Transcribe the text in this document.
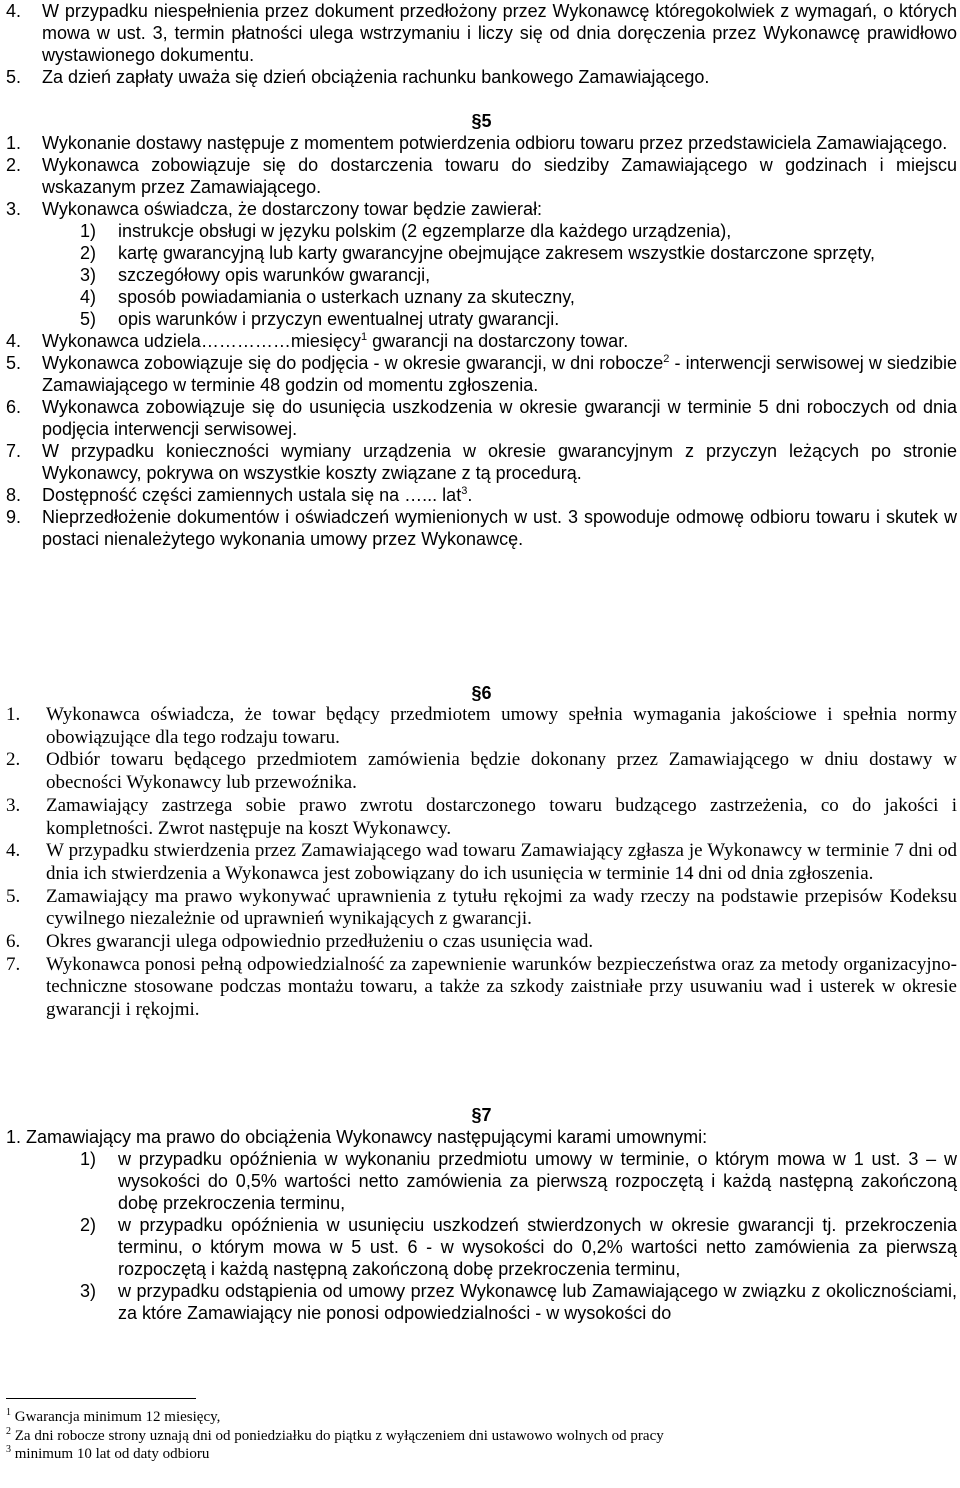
4. W przypadku niespełnienia przez dokument przedłożony przez Wykonawcę któregokolwiek z wymagań, o których mowa w ust. 3, termin płatności ulega wstrzymaniu i liczy się od dnia doręczenia przez Wykonawcę prawidłowo wystawionego dokumentu.
5. Za dzień zapłaty uważa się dzień obciążenia rachunku bankowego Zamawiającego.
§5
1. Wykonanie dostawy następuje z momentem potwierdzenia odbioru towaru przez przedstawiciela Zamawiającego.
2. Wykonawca zobowiązuje się do dostarczenia towaru do siedziby Zamawiającego w godzinach i miejscu wskazanym przez Zamawiającego.
3. Wykonawca oświadcza, że dostarczony towar będzie zawierał:
1) instrukcje obsługi w języku polskim (2 egzemplarze dla każdego urządzenia),
2) kartę gwarancyjną lub karty gwarancyjne obejmujące zakresem wszystkie dostarczone sprzęty,
3) szczegółowy opis warunków gwarancji,
4) sposób powiadamiania o usterkach uznany za skuteczny,
5) opis warunków i przyczyn ewentualnej utraty gwarancji.
4. Wykonawca udziela……………miesięcy$^1$ gwarancji na dostarczony towar.
5. Wykonawca zobowiązuje się do podjęcia - w okresie gwarancji, w dni robocze$^2$ - interwencji serwisowej w siedzibie Zamawiającego w terminie 48 godzin od momentu zgłoszenia.
6. Wykonawca zobowiązuje się do usunięcia uszkodzenia w okresie gwarancji w terminie 5 dni roboczych od dnia podjęcia interwencji serwisowej.
7. W przypadku konieczności wymiany urządzenia w okresie gwarancyjnym z przyczyn leżących po stronie Wykonawcy, pokrywa on wszystkie koszty związane z tą procedurą.
8. Dostępność części zamiennych ustala się na …... lat$^3$.
9. Nieprzedłożenie dokumentów i oświadczeń wymienionych w ust. 3 spowoduje odmowę odbioru towaru i skutek w postaci nienależytego wykonania umowy przez Wykonawcę.
§6
1. Wykonawca oświadcza, że towar będący przedmiotem umowy spełnia wymagania jakościowe i spełnia normy obowiązujące dla tego rodzaju towaru.
2. Odbiór towaru będącego przedmiotem zamówienia będzie dokonany przez Zamawiającego w dniu dostawy w obecności Wykonawcy lub przewoźnika.
3. Zamawiający zastrzega sobie prawo zwrotu dostarczonego towaru budzącego zastrzeżenia, co do jakości i kompletności. Zwrot następuje na koszt Wykonawcy.
4. W przypadku stwierdzenia przez Zamawiającego wad towaru Zamawiający zgłasza je Wykonawcy w terminie 7 dni od dnia ich stwierdzenia a Wykonawca jest zobowiązany do ich usunięcia w terminie 14 dni od dnia zgłoszenia.
5. Zamawiający ma prawo wykonywać uprawnienia z tytułu rękojmi za wady rzeczy na podstawie przepisów Kodeksu cywilnego niezależnie od uprawnień wynikających z gwarancji.
6. Okres gwarancji ulega odpowiednio przedłużeniu o czas usunięcia wad.
7. Wykonawca ponosi pełną odpowiedzialność za zapewnienie warunków bezpieczeństwa oraz za metody organizacyjno-techniczne stosowane podczas montażu towaru, a także za szkody zaistniałe przy usuwaniu wad i usterek w okresie gwarancji i rękojmi.
§7
1. Zamawiający ma prawo do obciążenia Wykonawcy następującymi karami umownymi:
1) w przypadku opóźnienia w wykonaniu przedmiotu umowy w terminie, o którym mowa w 1 ust. 3 – w wysokości do 0,5% wartości netto zamówienia za pierwszą rozpoczętą i każdą następną zakończoną dobę przekroczenia terminu,
2) w przypadku opóźnienia w usunięciu uszkodzeń stwierdzonych w okresie gwarancji tj. przekroczenia terminu, o którym mowa w 5 ust. 6 - w wysokości do 0,2% wartości netto zamówienia za pierwszą rozpoczętą i każdą następną zakończoną dobę przekroczenia terminu,
3) w przypadku odstąpienia od umowy przez Wykonawcę lub Zamawiającego w związku z okolicznościami, za które Zamawiający nie ponosi odpowiedzialności - w wysokości do
$^1$ Gwarancja minimum 12 miesięcy,
$^2$ Za dni robocze strony uznają dni od poniedziałku do piątku z wyłączeniem dni ustawowo wolnych od pracy
$^3$ minimum 10 lat od daty odbioru
